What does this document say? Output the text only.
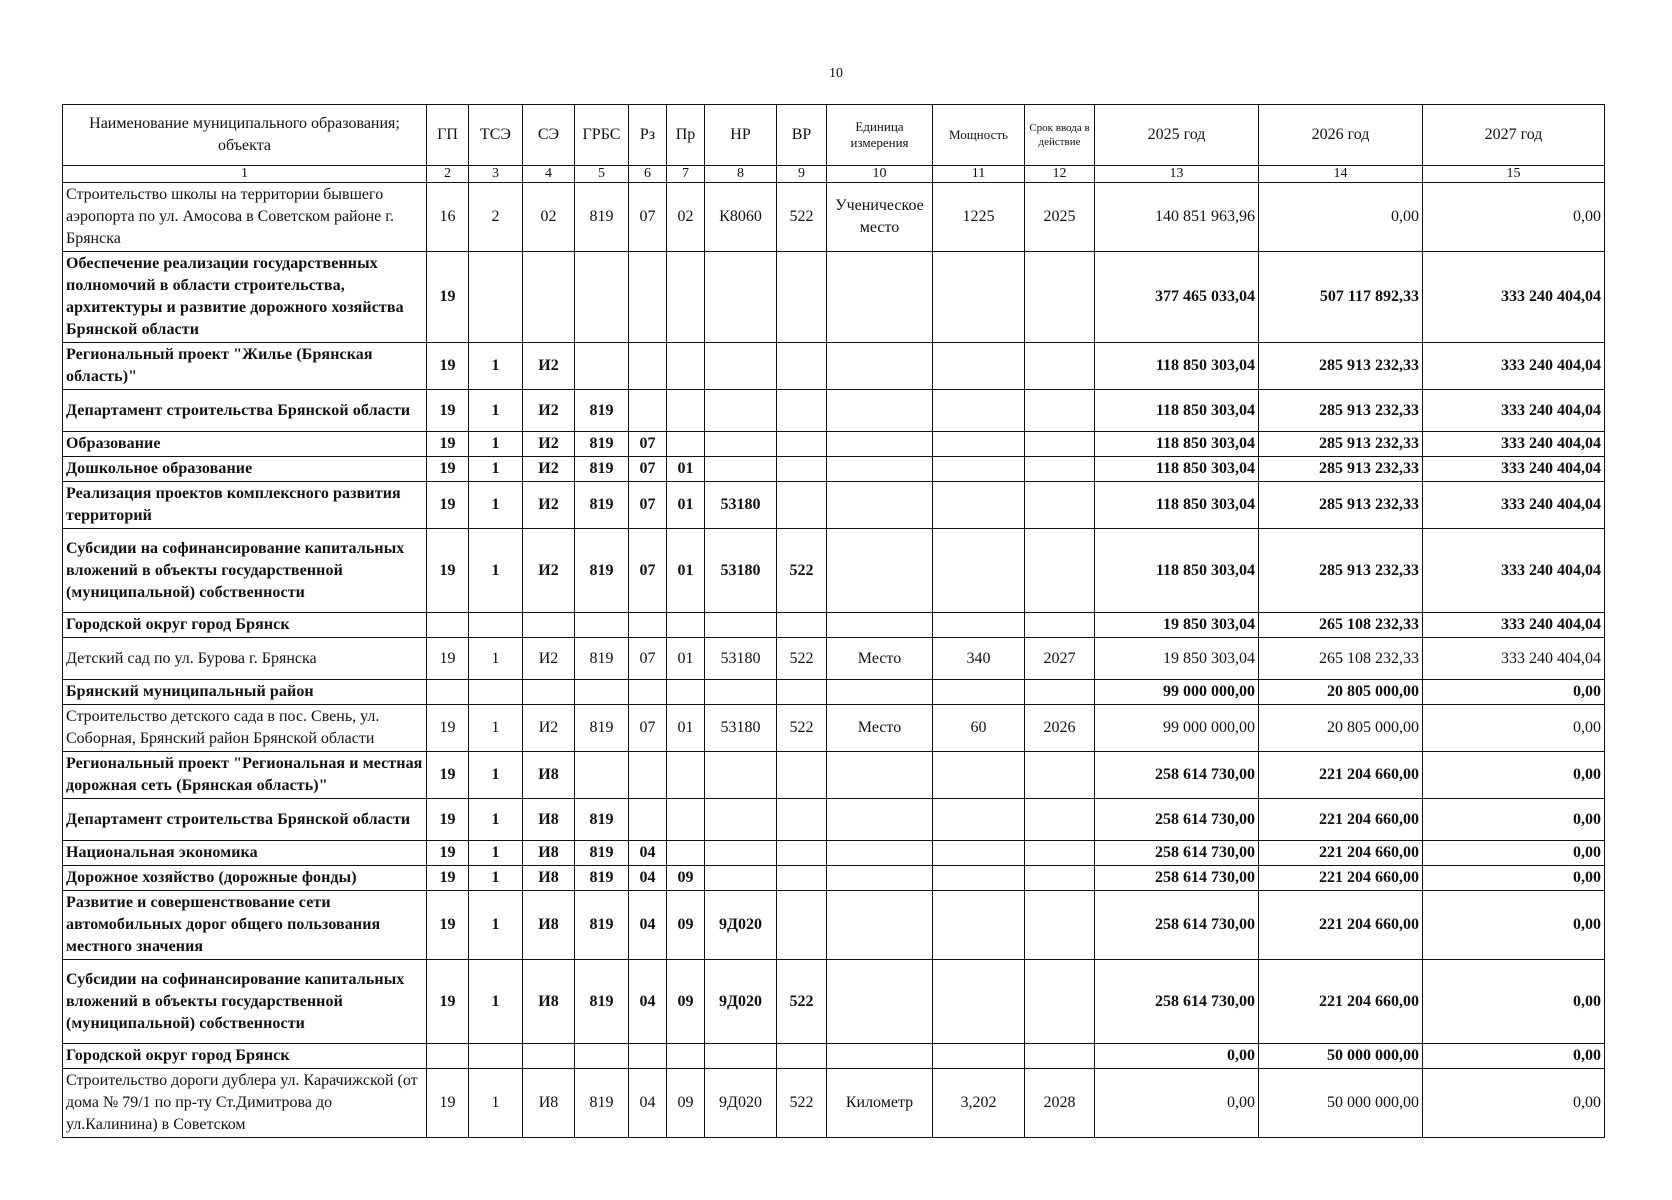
10
Наименование муниципального образования; объекта	ГП	ТСЭ	СЭ	ГРБС	Рз	Пр	НР	ВР	Единица измерения	Мощность	Срок ввода в действие	2025 год	2026 год	2027 год
1	2	3	4	5	6	7	8	9	10	11	12	13	14	15
Строительство школы на территории бывшего аэропорта по ул. Амосова в Советском районе г. Брянска	16	2	02	819	07	02	К8060	522	Ученическое место	1225	2025	140 851 963,96	0,00	0,00
Обеспечение реализации государственных полномочий в области строительства, архитектуры и развитие дорожного хозяйства Брянской области	19											377 465 033,04	507 117 892,33	333 240 404,04
Региональный проект "Жилье (Брянская область)"	19	1	И2									118 850 303,04	285 913 232,33	333 240 404,04
Департамент строительства Брянской области	19	1	И2	819								118 850 303,04	285 913 232,33	333 240 404,04
Образование	19	1	И2	819	07							118 850 303,04	285 913 232,33	333 240 404,04
Дошкольное образование	19	1	И2	819	07	01						118 850 303,04	285 913 232,33	333 240 404,04
Реализация проектов комплексного развития территорий	19	1	И2	819	07	01	53180					118 850 303,04	285 913 232,33	333 240 404,04
Субсидии на софинансирование капитальных вложений в объекты государственной (муниципальной) собственности	19	1	И2	819	07	01	53180	522				118 850 303,04	285 913 232,33	333 240 404,04
Городской округ город Брянск												19 850 303,04	265 108 232,33	333 240 404,04
Детский сад по ул. Бурова г. Брянска	19	1	И2	819	07	01	53180	522	Место	340	2027	19 850 303,04	265 108 232,33	333 240 404,04
Брянский муниципальный район												99 000 000,00	20 805 000,00	0,00
Строительство детского сада в пос. Свень, ул. Соборная, Брянский район Брянской области	19	1	И2	819	07	01	53180	522	Место	60	2026	99 000 000,00	20 805 000,00	0,00
Региональный проект "Региональная и местная дорожная сеть (Брянская область)"	19	1	И8									258 614 730,00	221 204 660,00	0,00
Департамент строительства Брянской области	19	1	И8	819								258 614 730,00	221 204 660,00	0,00
Национальная экономика	19	1	И8	819	04							258 614 730,00	221 204 660,00	0,00
Дорожное хозяйство (дорожные фонды)	19	1	И8	819	04	09						258 614 730,00	221 204 660,00	0,00
Развитие и совершенствование сети автомобильных дорог общего пользования местного значения	19	1	И8	819	04	09	9Д020					258 614 730,00	221 204 660,00	0,00
Субсидии на софинансирование капитальных вложений в объекты государственной (муниципальной) собственности	19	1	И8	819	04	09	9Д020	522				258 614 730,00	221 204 660,00	0,00
Городской округ город Брянск												0,00	50 000 000,00	0,00
Строительство дороги дублера ул. Карачижской (от дома № 79/1 по пр-ту Ст.Димитрова до ул.Калинина) в Советском	19	1	И8	819	04	09	9Д020	522	Километр	3,202	2028	0,00	50 000 000,00	0,00
